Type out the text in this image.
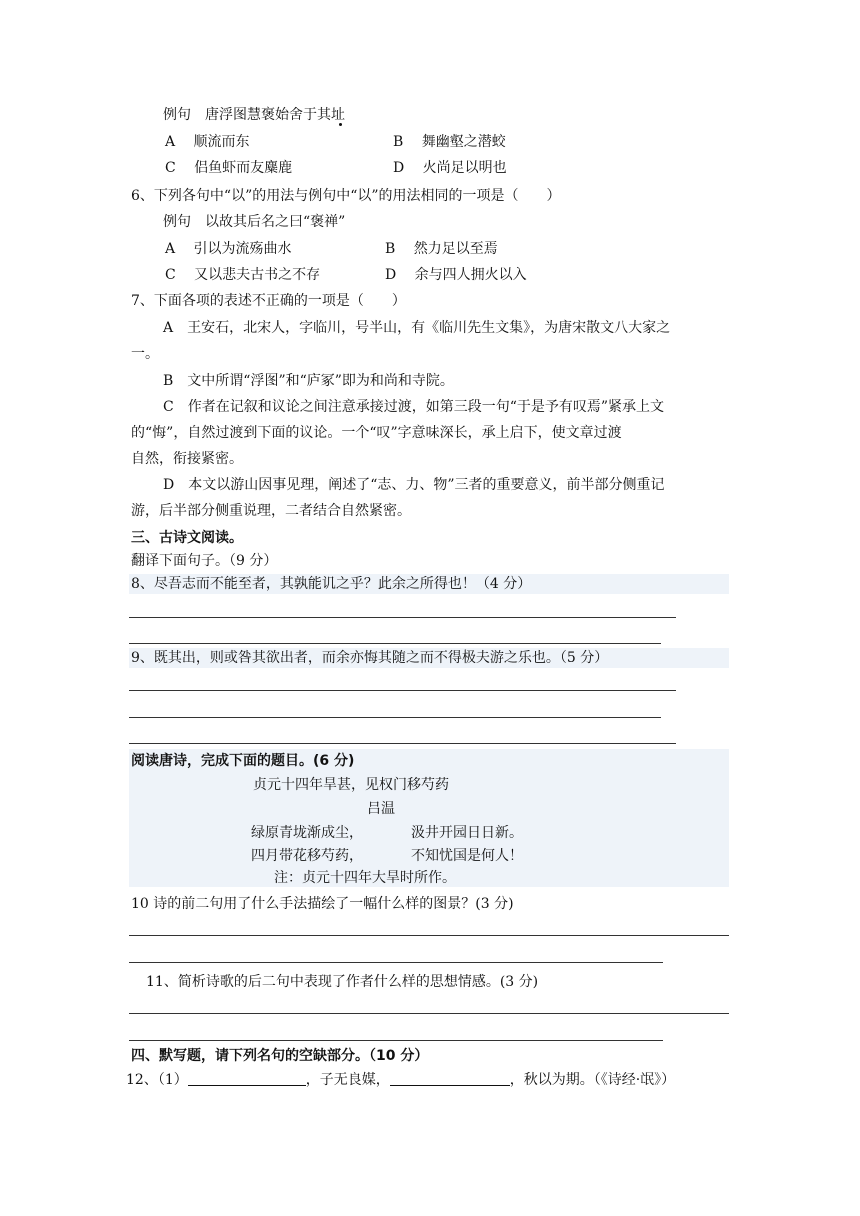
例句　唐浮图慧褒始舍于其址
A　 顺流而东	B　 舞幽壑之潜蛟
C　 侣鱼虾而友麋鹿	D　 火尚足以明也
6、下列各句中“以”的用法与例句中“以”的用法相同的一项是（　　）
例句　以故其后名之曰“褒禅”
A　 引以为流殇曲水	B　 然力足以至焉
C　 又以悲夫古书之不存	D　 余与四人拥火以入
7、下面各项的表述不正确的一项是（　　）
A　王安石，北宋人，字临川，号半山，有《临川先生文集》，为唐宋散文八大家之
一。
B　文中所谓“浮图”和“庐冢”即为和尚和寺院。
C　作者在记叙和议论之间注意承接过渡，如第三段一句“于是予有叹焉”紧承上文
的“悔”，自然过渡到下面的议论。一个“叹”字意味深长，承上启下，使文章过渡
自然，衔接紧密。
D　本文以游山因事见理，阐述了“志、力、物”三者的重要意义，前半部分侧重记
游，后半部分侧重说理，二者结合自然紧密。
三、古诗文阅读。
翻译下面句子。（9 分）
8、尽吾志而不能至者，其孰能讥之乎？此余之所得也！（4 分）
9、既其出，则或咎其欲出者，而余亦悔其随之而不得极夫游之乐也。（5 分）
阅读唐诗，完成下面的题目。(6 分)
贞元十四年旱甚，见权门移芍药
吕温
绿原青垅渐成尘，	汲井开园日日新。
四月带花移芍药，	不知忧国是何人！
注：贞元十四年大旱时所作。
10 诗的前二句用了什么手法描绘了一幅什么样的图景？(3 分)
11、简析诗歌的后二句中表现了作者什么样的思想情感。(3 分)
四、默写题，请下列名句的空缺部分。（10 分）
12、（1）	，子无良媒，	，秋以为期。（《诗经·氓》）
